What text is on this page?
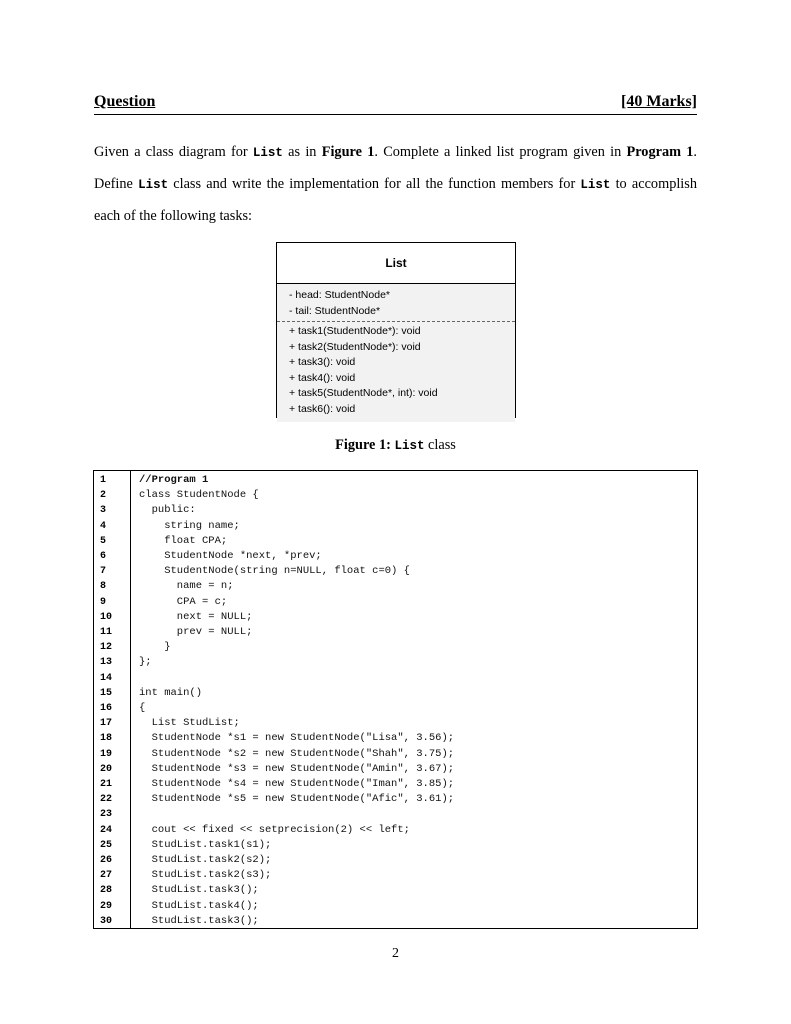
Question	[40 Marks]
Given a class diagram for List as in Figure 1. Complete a linked list program given in Program 1. Define List class and write the implementation for all the function members for List to accomplish each of the following tasks:
List
- head: StudentNode*
- tail: StudentNode*
+ task1(StudentNode*): void
+ task2(StudentNode*): void
+ task3(): void
+ task4(): void
+ task5(StudentNode*, int): void
+ task6(): void
Figure 1: List class
1
2
3
4
5
6
7
8
9
10
11
12
13
14
15
16
17
18
19
20
21
22
23
24
25
26
27
28
29
30
//Program 1
class StudentNode {
public:
string name;
float CPA;
StudentNode *next, *prev;
StudentNode(string n=NULL, float c=0) {
name = n;
CPA = c;
next = NULL;
prev = NULL;
}
};
int main()
{
List StudList;
StudentNode *s1 = new StudentNode("Lisa", 3.56);
StudentNode *s2 = new StudentNode("Shah", 3.75);
StudentNode *s3 = new StudentNode("Amin", 3.67);
StudentNode *s4 = new StudentNode("Iman", 3.85);
StudentNode *s5 = new StudentNode("Afic", 3.61);
cout << fixed << setprecision(2) << left;
StudList.task1(s1);
StudList.task2(s2);
StudList.task2(s3);
StudList.task3();
StudList.task4();
StudList.task3();
2
